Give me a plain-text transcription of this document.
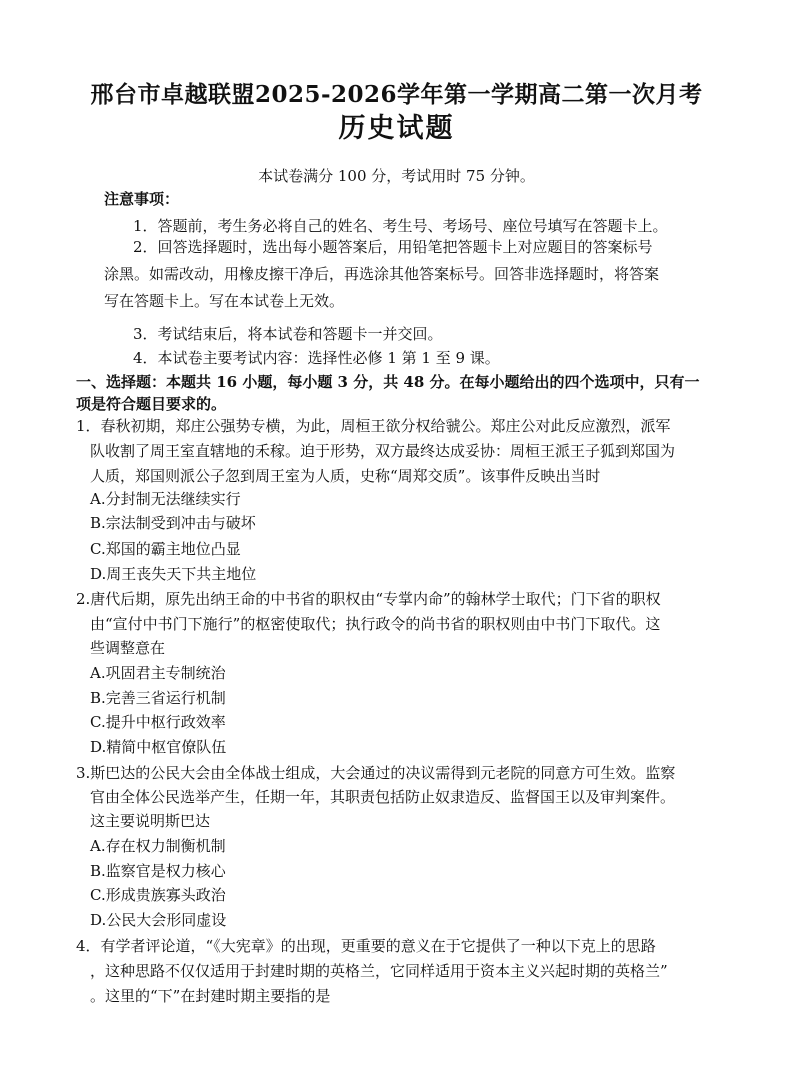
邢台市卓越联盟2025-2026学年第一学期高二第一次月考
历史试题
本试卷满分 100 分，考试用时 75 分钟。
注意事项：
1．答题前，考生务必将自己的姓名、考生号、考场号、座位号填写在答题卡上。
2．回答选择题时，选出每小题答案后，用铅笔把答题卡上对应题目的答案标号
涂黑。如需改动，用橡皮擦干净后，再选涂其他答案标号。回答非选择题时，将答案
写在答题卡上。写在本试卷上无效。
3．考试结束后，将本试卷和答题卡一并交回。
4．本试卷主要考试内容：选择性必修 1 第 1 至 9 课。
一、选择题：本题共 16 小题，每小题 3 分，共 48 分。在每小题给出的四个选项中，只有一
项是符合题目要求的。
1．春秋初期，郑庄公强势专横，为此，周桓王欲分权给虢公。郑庄公对此反应激烈，派军
队收割了周王室直辖地的禾稼。迫于形势，双方最终达成妥协：周桓王派王子狐到郑国为
人质，郑国则派公子忽到周王室为人质，史称“周郑交质”。该事件反映出当时
A.分封制无法继续实行
B.宗法制受到冲击与破坏
C.郑国的霸主地位凸显
D.周王丧失天下共主地位
2.唐代后期，原先出纳王命的中书省的职权由“专掌内命”的翰林学士取代；门下省的职权
由“宣付中书门下施行”的枢密使取代；执行政令的尚书省的职权则由中书门下取代。这
些调整意在
A.巩固君主专制统治
B.完善三省运行机制
C.提升中枢行政效率
D.精简中枢官僚队伍
3.斯巴达的公民大会由全体战士组成，大会通过的决议需得到元老院的同意方可生效。监察
官由全体公民选举产生，任期一年，其职责包括防止奴隶造反、监督国王以及审判案件。
这主要说明斯巴达
A.存在权力制衡机制
B.监察官是权力核心
C.形成贵族寡头政治
D.公民大会形同虚设
4．有学者评论道，“《大宪章》的出现，更重要的意义在于它提供了一种以下克上的思路
，这种思路不仅仅适用于封建时期的英格兰，它同样适用于资本主义兴起时期的英格兰”
。这里的“下”在封建时期主要指的是
